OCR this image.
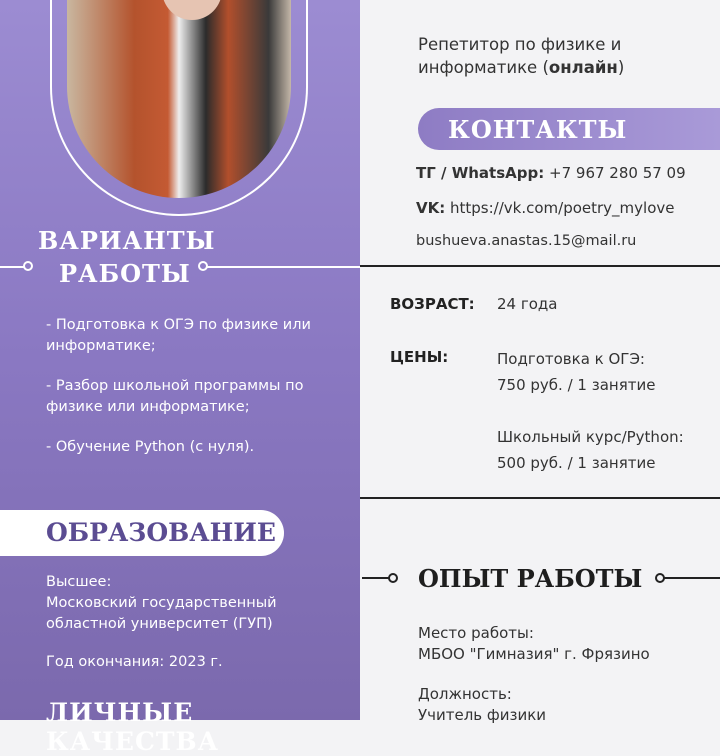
ВАРИАНТЫ
РАБОТЫ
- Подготовка к ОГЭ по физике или информатике;
- Разбор школьной программы по физике или информатике;
- Обучение Python (с нуля).
ОБРАЗОВАНИЕ
Высшее:
Московский государственный областной университет (ГУП)
Год окончания: 2023 г.
ЛИЧНЫЕ КАЧЕСТВА
Репетитор по физике и
информатике (онлайн)
КОНТАКТЫ
ТГ / WhatsApp: +7 967 280 57 09
VK: https://vk.com/poetry_mylove
bushueva.anastas.15@mail.ru
ВОЗРАСТ: 24 года
ЦЕНЫ:	Подготовка к ОГЭ:
750 руб. / 1 занятие
Школьный курс/Python:
500 руб. / 1 занятие
ОПЫТ РАБОТЫ
Место работы:
МБОО "Гимназия" г. Фрязино
Должность:
Учитель физики
